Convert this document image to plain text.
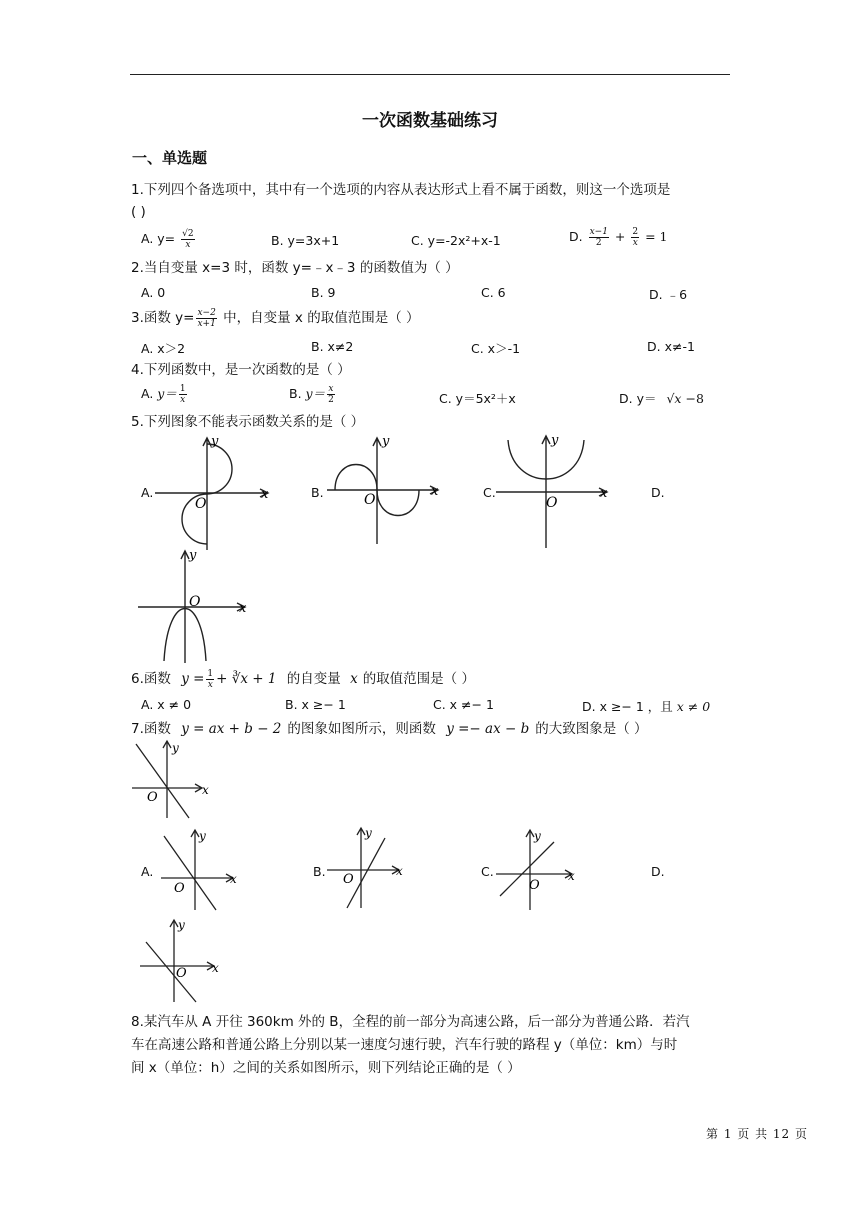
一次函数基础练习
一、单选题
1.下列四个备选项中，其中有一个选项的内容从表达形式上看不属于函数，则这一个选项是
( )
A. $y= \frac{√2}{x}$	B. y=3x+1	C. y=-2x²+x-1	D. $\frac{x-1}{2} + \frac{2}{x} = 1$
2.当自变量 x=3 时，函数 y=﹣x﹣3 的函数值为（ ）
A. 0	B. 9	C. 6	D. ﹣6
3.函数 $y= \frac{x-2}{x+1}$ 中，自变量 x 的取值范围是（ ）
A. x＞2	B. x≠2	C. x＞-1	D. x≠-1
4.下列函数中，是一次函数的是（ ）
A. $y= \frac{1}{x}$	B. $y= \frac{x}{2}$	C. y＝5x²＋x	D. y＝ √x −8
5.下列图象不能表示函数关系的是（ ）
A.	B.	C.	D.
y
x
O
y
x
O
y
x
O
y
x
O
6.函数 $y = \frac{1}{x}$ + ∛x + 1 的自变量 x 的取值范围是（ ）
A. x ≠ 0	B. x ≥− 1	C. x ≠− 1	D. x ≥− 1 ，且 x ≠ 0
7.函数 y = ax + b − 2 的图象如图所示，则函数 y =− ax − b 的大致图象是（ ）
y
x
O
A.	B.	C.	D.
y
x
O
y
x
O
y
x
O
y
x
O
8.某汽车从 A 开往 360km 外的 B，全程的前一部分为高速公路，后一部分为普通公路．若汽
车在高速公路和普通公路上分别以某一速度匀速行驶，汽车行驶的路程 y（单位：km）与时
间 x（单位：h）之间的关系如图所示，则下列结论正确的是（ ）
第 1 页 共 12 页
